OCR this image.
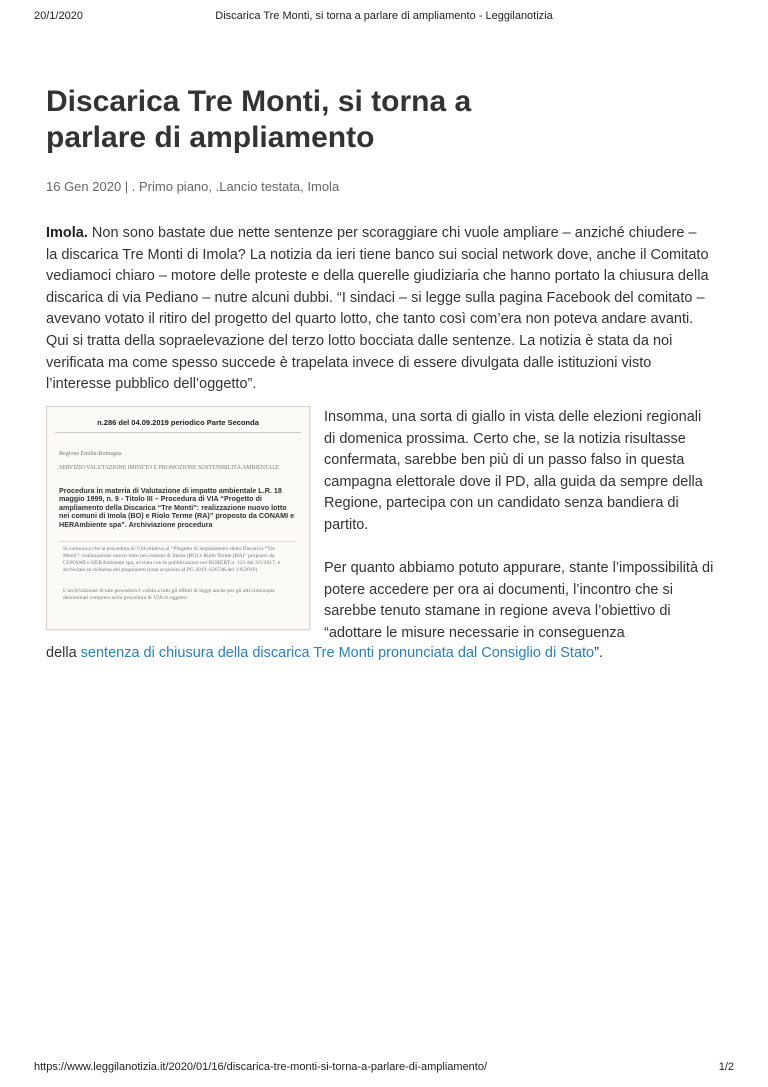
20/1/2020	Discarica Tre Monti, si torna a parlare di ampliamento - Leggilanotizia
Discarica Tre Monti, si torna a parlare di ampliamento
16 Gen 2020 | . Primo piano, .Lancio testata, Imola

Imola. Non sono bastate due nette sentenze per scoraggiare chi vuole ampliare – anziché chiudere – la discarica Tre Monti di Imola? La notizia da ieri tiene banco sui social network dove, anche il Comitato vediamoci chiaro – motore delle proteste e della querelle giudiziaria che hanno portato la chiusura della discarica di via Pediano – nutre alcuni dubbi. “I sindaci – si legge sulla pagina Facebook del comitato – avevano votato il ritiro del progetto del quarto lotto, che tanto così com’era non poteva andare avanti. Qui si tratta della sopraelevazione del terzo lotto bocciata dalle sentenze. La notizia è stata da noi verificata ma come spesso succede è trapelata invece di essere divulgata dalle istituzioni visto l’interesse pubblico dell’oggetto”.

n.286 del 04.09.2019 periodico Parte Seconda
Regione Emilia-Romagna
SERVIZIO VALUTAZIONE IMPATTO E PROMOZIONE SOSTENIBILITÀ AMBIENTALE
Procedura in materia di Valutazione di impatto ambientale L.R. 18 maggio 1999, n. 9 - Titolo III – Procedura di VIA “Progetto di ampliamento della Discarica “Tre Monti”: realizzazione nuovo lotto nei comuni di Imola (BO) e Riolo Terme (RA)” proposto da CONAMI e HERAmbiente spa”. Archiviazione procedura
Si comunica che la procedura di VIA relativa al “Progetto di ampliamento della Discarica “Tre Monti”: realizzazione nuovo lotto nei comuni di Imola (BO) e Riolo Terme (RA)” proposto da CONAMI e HERAmbiente spa, avviata con le pubblicazioni nel BURERT n. 123 del 3/5/2017, è archiviata su richiesta dei proponenti (nota acquisita al PG.2019. 626746 del 1/8/2019)
L’archiviazione di tale procedura è valida a tutti gli effetti di legge anche per gli atti comunque denominati compresi nella procedura di VIA in oggetto.

Insomma, una sorta di giallo in vista delle elezioni regionali di domenica prossima. Certo che, se la notizia risultasse confermata, sarebbe ben più di un passo falso in questa campagna elettorale dove il PD, alla guida da sempre della Regione, partecipa con un candidato senza bandiera di partito.

Per quanto abbiamo potuto appurare, stante l’impossibilità di potere accedere per ora ai documenti, l’incontro che si sarebbe tenuto stamane in regione aveva l’obiettivo di “adottare le misure necessarie in conseguenza

della sentenza di chiusura della discarica Tre Monti pronunciata dal Consiglio di Stato”.
https://www.leggilanotizia.it/2020/01/16/discarica-tre-monti-si-torna-a-parlare-di-ampliamento/	1/2
